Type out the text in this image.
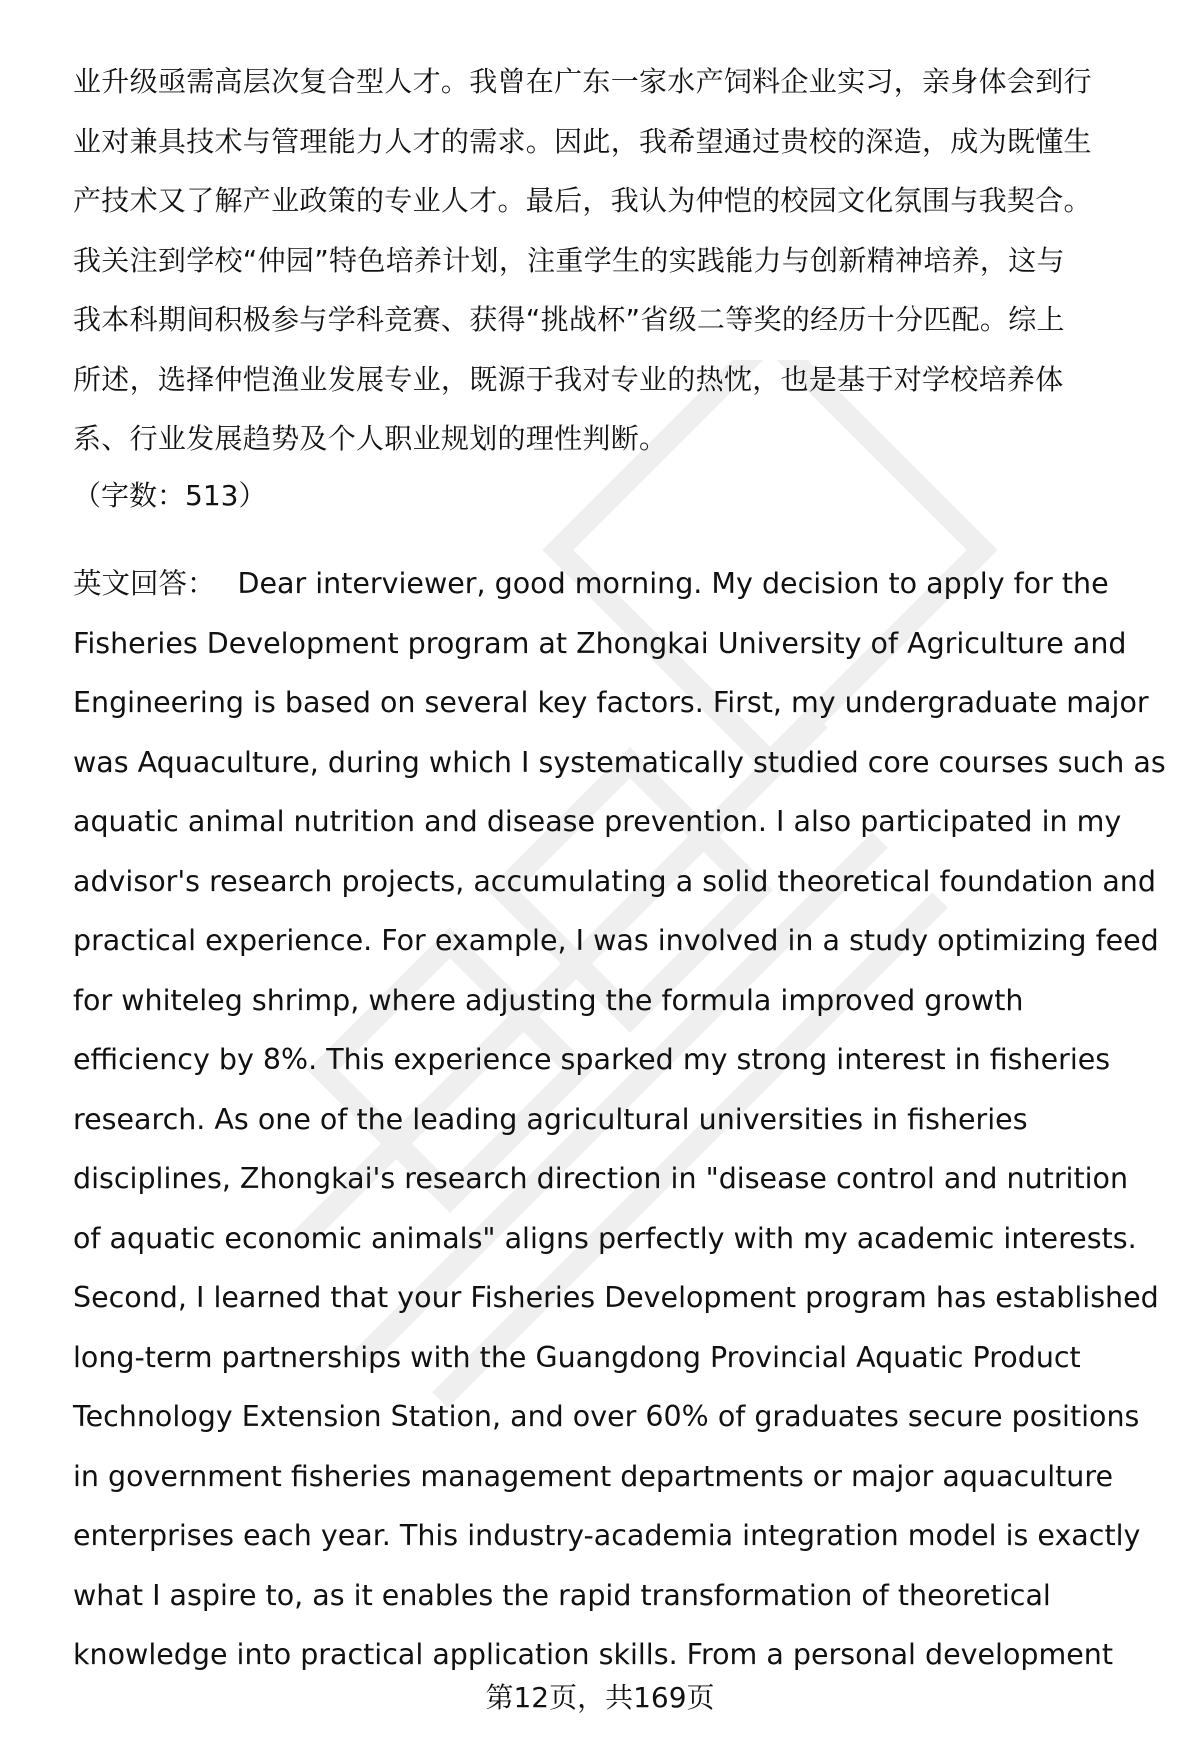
业升级亟需高层次复合型人才。我曾在广东一家水产饲料企业实习，亲身体会到行
业对兼具技术与管理能力人才的需求。因此，我希望通过贵校的深造，成为既懂生
产技术又了解产业政策的专业人才。最后，我认为仲恺的校园文化氛围与我契合。
我关注到学校“仲园”特色培养计划，注重学生的实践能力与创新精神培养，这与
我本科期间积极参与学科竞赛、获得“挑战杯”省级二等奖的经历十分匹配。综上
所述，选择仲恺渔业发展专业，既源于我对专业的热忱，也是基于对学校培养体
系、行业发展趋势及个人职业规划的理性判断。
（字数：513）
英文回答： Dear interviewer, good morning. My decision to apply for the
Fisheries Development program at Zhongkai University of Agriculture and
Engineering is based on several key factors. First, my undergraduate major
was Aquaculture, during which I systematically studied core courses such as
aquatic animal nutrition and disease prevention. I also participated in my
advisor's research projects, accumulating a solid theoretical foundation and
practical experience. For example, I was involved in a study optimizing feed
for whiteleg shrimp, where adjusting the formula improved growth
efficiency by 8%. This experience sparked my strong interest in fisheries
research. As one of the leading agricultural universities in fisheries
disciplines, Zhongkai's research direction in "disease control and nutrition
of aquatic economic animals" aligns perfectly with my academic interests.
Second, I learned that your Fisheries Development program has established
long-term partnerships with the Guangdong Provincial Aquatic Product
Technology Extension Station, and over 60% of graduates secure positions
in government fisheries management departments or major aquaculture
enterprises each year. This industry-academia integration model is exactly
what I aspire to, as it enables the rapid transformation of theoretical
knowledge into practical application skills. From a personal development
第12页，共169页
